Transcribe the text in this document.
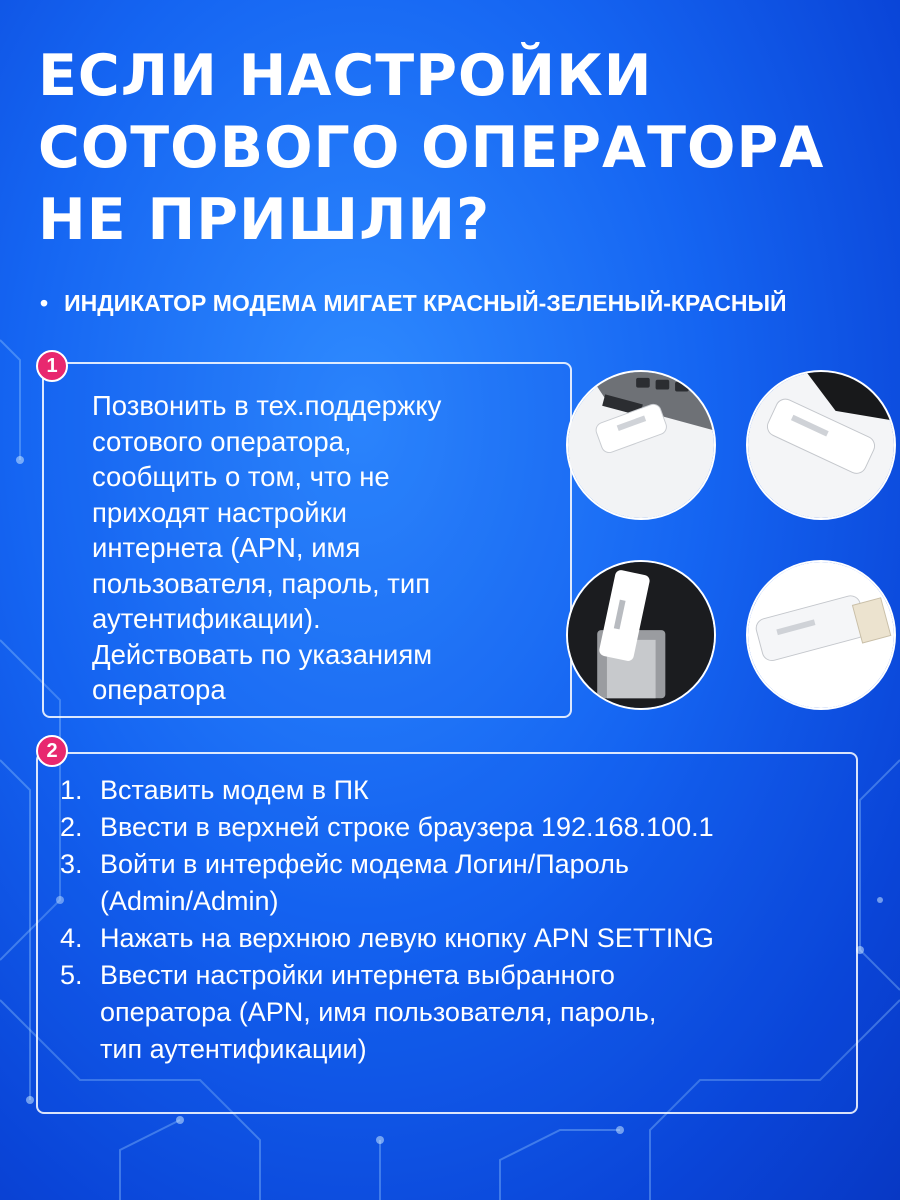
ЕСЛИ НАСТРОЙКИ
СОТОВОГО ОПЕРАТОРА
НЕ ПРИШЛИ?
• ИНДИКАТОР МОДЕМА МИГАЕТ КРАСНЫЙ-ЗЕЛЕНЫЙ-КРАСНЫЙ
1
Позвонить в тех.поддержку
сотового оператора,
сообщить о том, что не
приходят настройки
интернета (APN, имя
пользователя, пароль, тип
аутентификации).
Действовать по указаниям
оператора
2
1. Вставить модем в ПК
2. Ввести в верхней строке браузера 192.168.100.1
3. Войти в интерфейс модема Логин/Пароль
(Admin/Admin)
4. Нажать на верхнюю левую кнопку APN SETTING
5. Ввести настройки интернета выбранного
оператора (APN, имя пользователя, пароль,
тип аутентификации)
